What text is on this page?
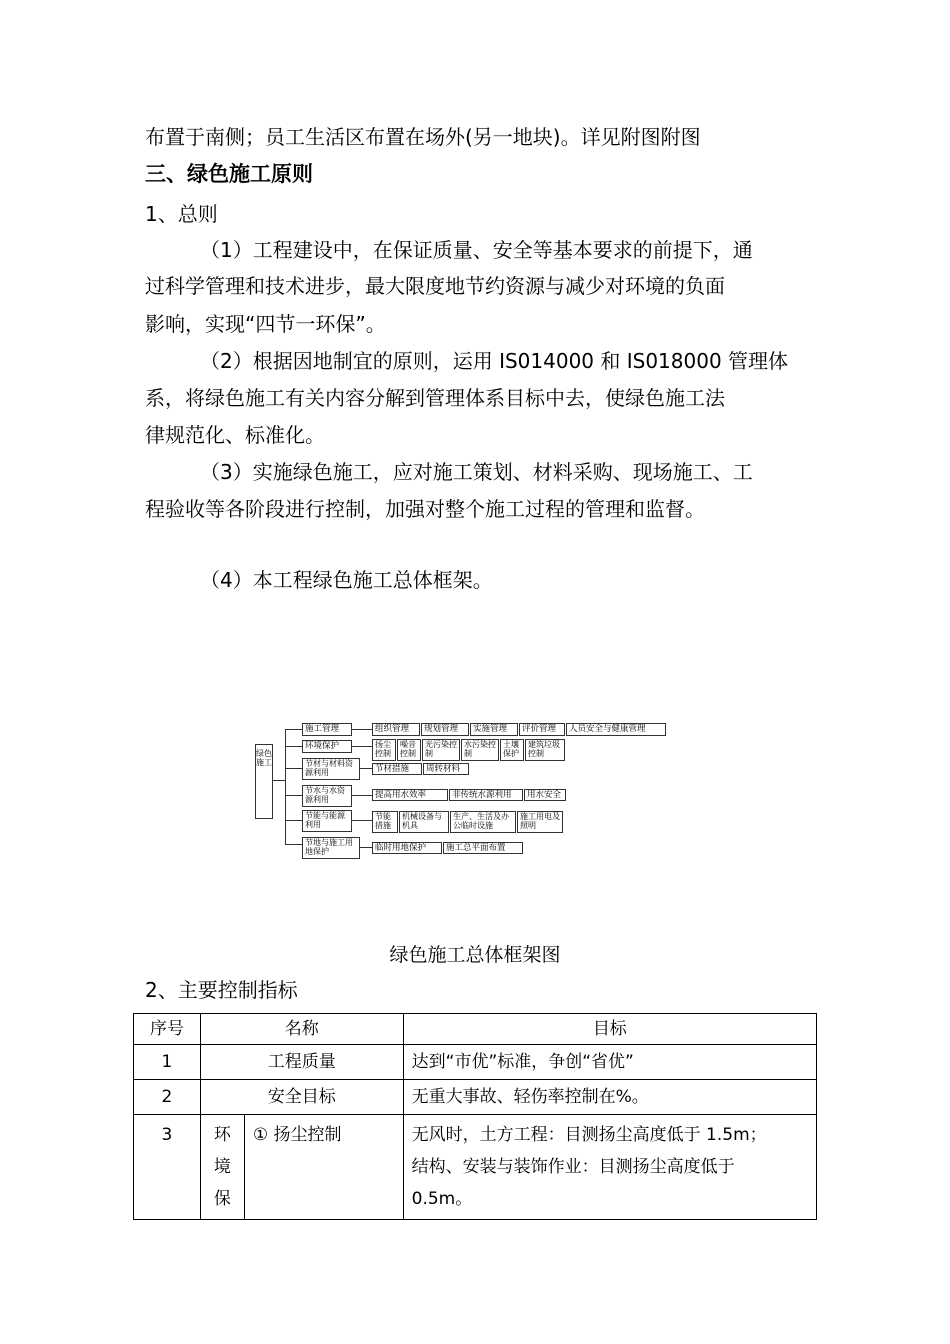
布置于南侧；员工生活区布置在场外(另一地块)。详见附图附图
三、绿色施工原则
1、总则
（1）工程建设中，在保证质量、安全等基本要求的前提下，通
过科学管理和技术进步，最大限度地节约资源与减少对环境的负面
影响，实现“四节一环保”。
（2）根据因地制宜的原则，运用 IS014000 和 IS018000 管理体
系，将绿色施工有关内容分解到管理体系目标中去，使绿色施工法
律规范化、标准化。
（3）实施绿色施工，应对施工策划、材料采购、现场施工、工
程验收等各阶段进行控制，加强对整个施工过程的管理和监督。
（4）本工程绿色施工总体框架。
绿色施工
施工管理	组织管理	规划管理	实施管理	评价管理	人员安全与健康管理
环境保护	扬尘控制
噪音控制
光污染控制
水污染控制
土壤保护
建筑垃圾控制
节材与材料资源利用	节材措施	周转材料
节水与水资源利用	提高用水效率	非传统水源利用	用水安全
节能与能源利用
节能措施
机械设备与机具
生产、生活及办公临时设施
施工用电及照明
节地与施工用地保护	临时用地保护	施工总平面布置
绿色施工总体框架图
2、主要控制指标
序号	名称		目标
1	工程质量		达到“市优”标准，争创“省优”
2	安全目标		无重大事故、轻伤率控制在%。
3	环境保	① 扬尘控制	无风时，土方工程：目测扬尘高度低于 1.5m；
结构、安装与装饰作业：目测扬尘高度低于
0.5m。
